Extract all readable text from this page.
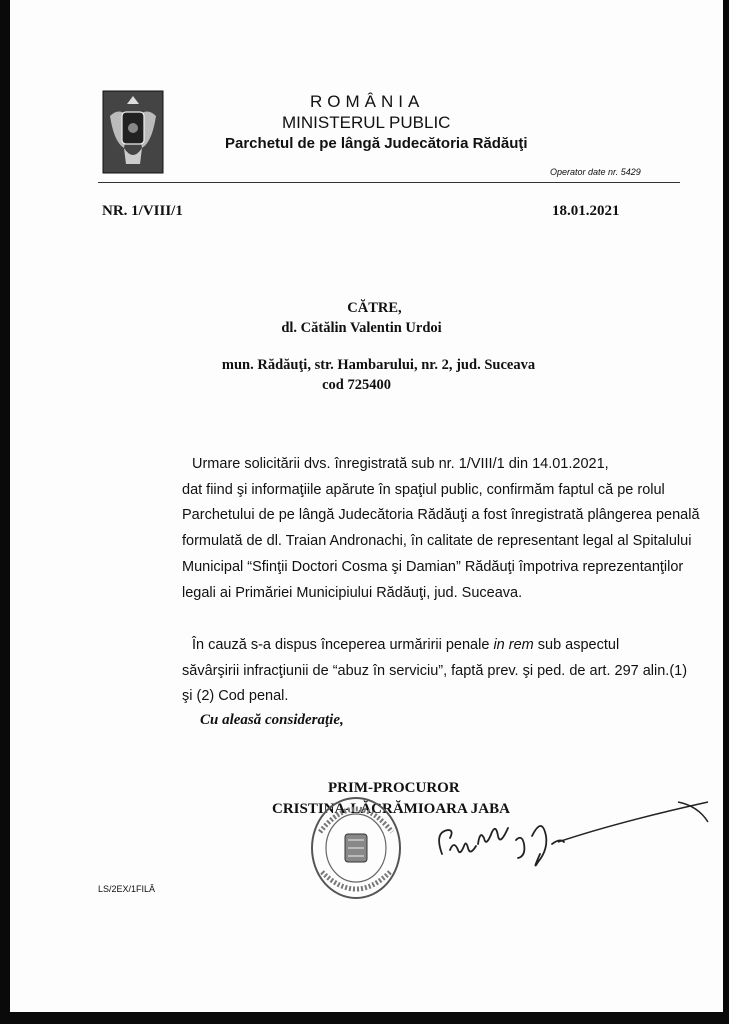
ROMÂNIA
MINISTERUL PUBLIC
Parchetul de pe lângă Judecătoria Rădăuţi
Operator date nr. 5429
NR. 1/VIII/1	18.01.2021
CĂTRE,
dl. Cătălin Valentin Urdoi
mun. Rădăuţi, str. Hambarului, nr. 2, jud. Suceava
cod 725400
Urmare solicitării dvs. înregistrată sub nr. 1/VIII/1 din 14.01.2021,
dat fiind şi informaţiile apărute în spaţiul public, confirmăm faptul că pe rolul
Parchetului de pe lângă Judecătoria Rădăuţi a fost înregistrată plângerea penală
formulată de dl. Traian Andronachi, în calitate de representant legal al Spitalului
Municipal “Sfinţii Doctori Cosma şi Damian” Rădăuţi împotriva reprezentanţilor
legali ai Primăriei Municipiului Rădăuţi, jud. Suceava.
În cauză s-a dispus începerea urmăririi penale in rem sub aspectul
săvârşirii infracţiunii de “abuz în serviciu”, faptă prev. şi ped. de art. 297 alin.(1)
şi (2) Cod penal.
Cu aleasă consideraţie,
PRIM-PROCUROR
CRISTINA-LĂCRĂMIOARA JABA
LS/2EX/1FILĂ
